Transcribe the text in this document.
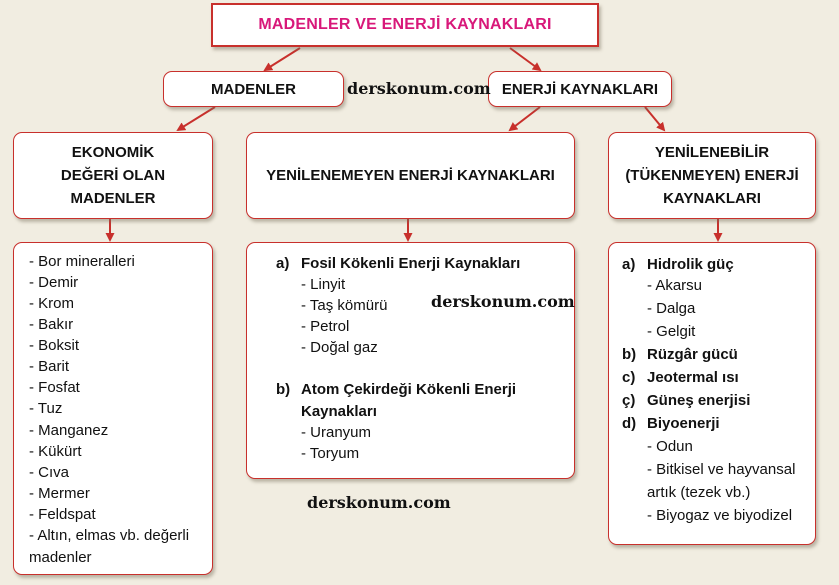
MADENLER VE ENERJİ KAYNAKLARI
MADENLER	ENERJİ KAYNAKLARI
derskonum.com
EKONOMİK
DEĞERİ OLAN
MADENLER
YENİLENEMEYEN ENERJİ KAYNAKLARI
YENİLENEBİLİR
(TÜKENMEYEN) ENERJİ
KAYNAKLARI
- Bor mineralleri
- Demir
- Krom
- Bakır
- Boksit
- Barit
- Fosfat
- Tuz
- Manganez
- Kükürt
- Cıva
- Mermer
- Feldspat
- Altın, elmas vb. değerli
madenler
a) Fosil Kökenli Enerji Kaynakları
- Linyit
- Taş kömürü
- Petrol
- Doğal gaz
b) Atom Çekirdeği Kökenli Enerji
Kaynakları
- Uranyum
- Toryum
derskonum.com
derskonum.com
a) Hidrolik güç
- Akarsu
- Dalga
- Gelgit
b) Rüzgâr gücü
c) Jeotermal ısı
ç) Güneş enerjisi
d) Biyoenerji
- Odun
- Bitkisel ve hayvansal
artık (tezek vb.)
- Biyogaz ve biyodizel
